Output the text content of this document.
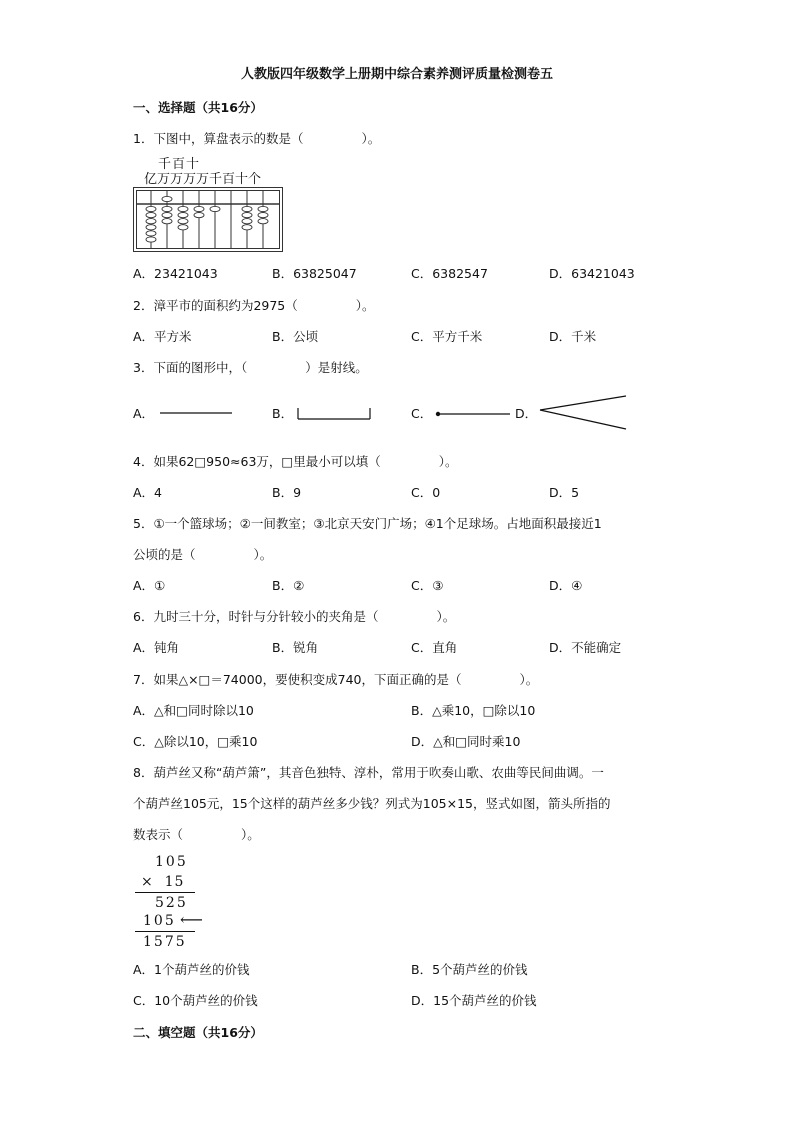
人教版四年级数学上册期中综合素养测评质量检测卷五
一、选择题（共16分）
1．下图中，算盘表示的数是（	）。
千百十
亿万万万万千百十个
A．23421043	B．63825047	C．6382547	D．63421043
2．漳平市的面积约为2975（	）。
A．平方米	B．公顷	C．平方千米	D．千米
3．下面的图形中，（	）是射线。
A．	B．	C．	D．
4．如果62□950≈63万，□里最小可以填（	）。
A．4	B．9	C．0	D．5
5．①一个篮球场；②一间教室；③北京天安门广场；④1个足球场。占地面积最接近1
公顷的是（	）。
A．①	B．②	C．③	D．④
6．九时三十分，时针与分针较小的夹角是（	）。
A．钝角	B．锐角	C．直角	D．不能确定
7．如果△×□＝74000，要使积变成740，下面正确的是（	）。
A．△和□同时除以10	B．△乘10，□除以10
C．△除以10，□乘10	D．△和□同时乘10
8．葫芦丝又称“葫芦箫”，其音色独特、淳朴，常用于吹奏山歌、农曲等民间曲调。一
个葫芦丝105元，15个这样的葫芦丝多少钱？列式为105×15，竖式如图，箭头所指的
数表示（	）。
105
×  15
525
105 ⟵
1575
A．1个葫芦丝的价钱	B．5个葫芦丝的价钱
C．10个葫芦丝的价钱	D．15个葫芦丝的价钱
二、填空题（共16分）
